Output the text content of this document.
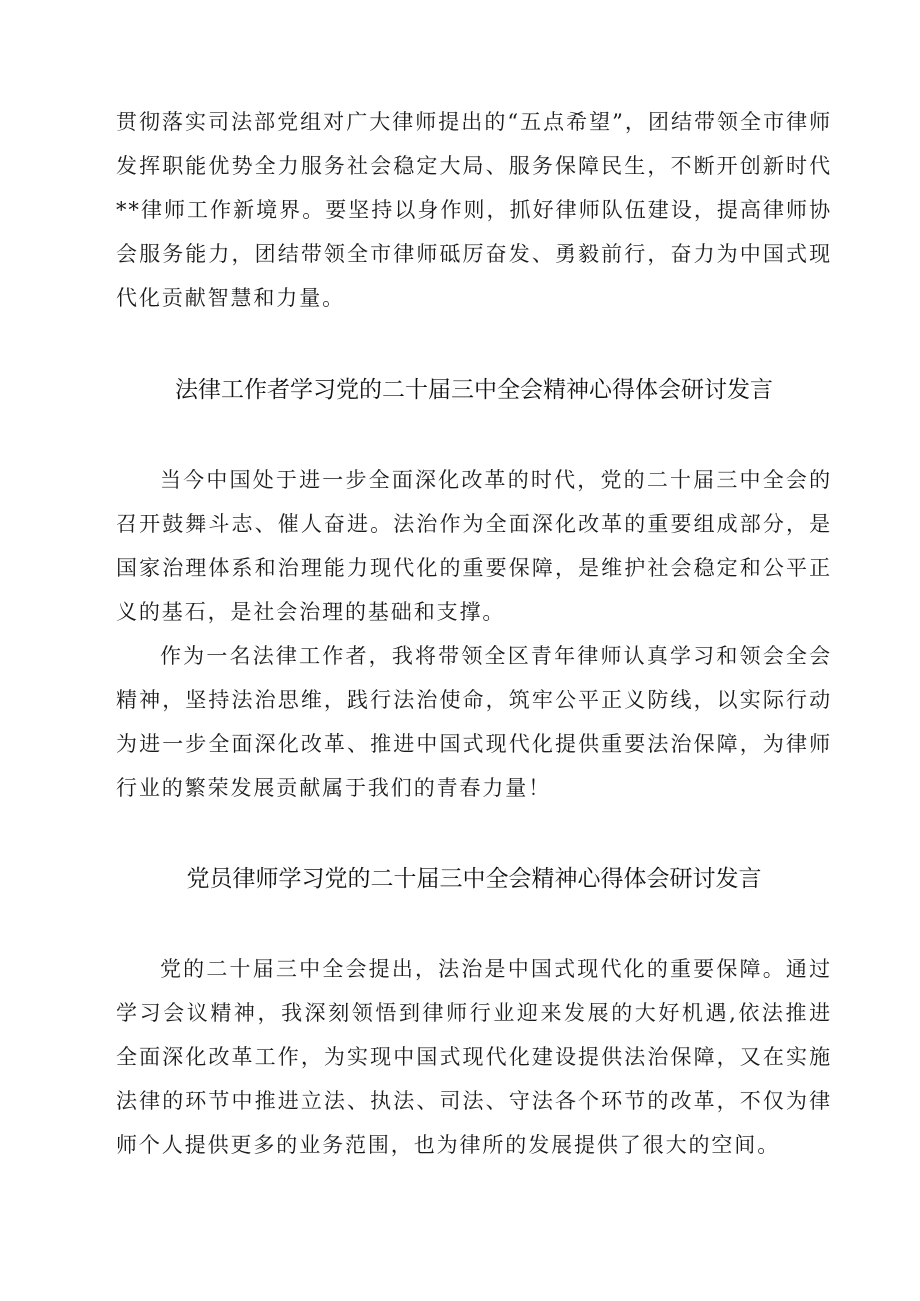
贯彻落实司法部党组对广大律师提出的“五点希望”，团结带领全市律师发挥职能优势全力服务社会稳定大局、服务保障民生，不断开创新时代**律师工作新境界。要坚持以身作则，抓好律师队伍建设，提高律师协会服务能力，团结带领全市律师砥厉奋发、勇毅前行，奋力为中国式现代化贡献智慧和力量。

法律工作者学习党的二十届三中全会精神心得体会研讨发言

当今中国处于进一步全面深化改革的时代，党的二十届三中全会的召开鼓舞斗志、催人奋进。法治作为全面深化改革的重要组成部分，是国家治理体系和治理能力现代化的重要保障，是维护社会稳定和公平正义的基石，是社会治理的基础和支撑。

作为一名法律工作者，我将带领全区青年律师认真学习和领会全会精神，坚持法治思维，践行法治使命，筑牢公平正义防线，以实际行动为进一步全面深化改革、推进中国式现代化提供重要法治保障，为律师行业的繁荣发展贡献属于我们的青春力量！

党员律师学习党的二十届三中全会精神心得体会研讨发言

党的二十届三中全会提出，法治是中国式现代化的重要保障。通过学习会议精神，我深刻领悟到律师行业迎来发展的大好机遇,依法推进全面深化改革工作，为实现中国式现代化建设提供法治保障，又在实施法律的环节中推进立法、执法、司法、守法各个环节的改革，不仅为律师个人提供更多的业务范围，也为律所的发展提供了很大的空间。
